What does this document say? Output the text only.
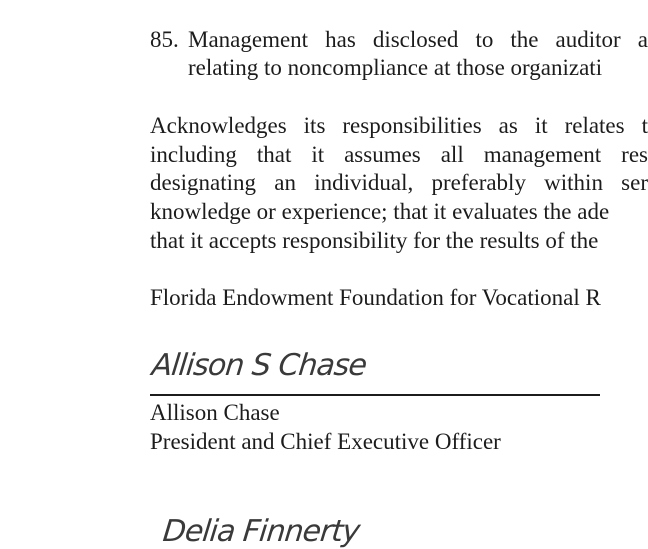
85. Management has disclosed to the auditor a
relating to noncompliance at those organizati
Acknowledges its responsibilities as it relates t
including that it assumes all management res
designating an individual, preferably within ser
knowledge or experience; that it evaluates the ade
that it accepts responsibility for the results of the
Florida Endowment Foundation for Vocational R
Allison S Chase
Allison Chase
President and Chief Executive Officer
Delia Finnerty
